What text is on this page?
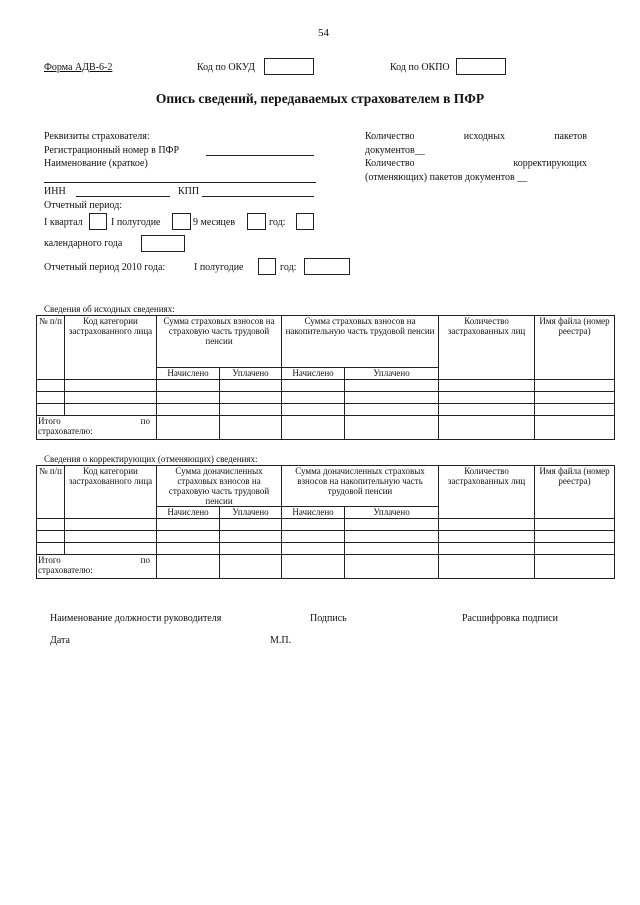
54
Форма АДВ-6-2	Код по ОКУД	Код по ОКПО
Опись сведений, передаваемых страхователем в ПФР
Реквизиты страхователя:
Регистрационный номер в ПФР
Наименование (краткое)
ИНН	КПП
Отчетный период:
I квартал	I полугодие	9 месяцев	год:
календарного года
Отчетный период 2010 года:	I полугодие	год:
Количество	исходных	пакетов
документов__
Количество	корректирующих
(отменяющих) пакетов документов __
Сведения об исходных сведениях:
№ п/п	Код категории застрахованного лица	Сумма страховых взносов на страховую часть трудовой пенсии		Сумма страховых взносов на накопительную часть трудовой пенсии		Количество застрахованных лиц	Имя файла (номер реестра)
		Начислено	Уплачено	Начислено	Уплачено		

Итого по
страхователю:							

Сведения о корректирующих (отменяющих) сведениях:
№ п/п	Код категории застрахованного лица	Сумма доначисленных страховых взносов на страховую часть трудовой пенсии		Сумма доначисленных страховых взносов на накопительную часть трудовой пенсии		Количество застрахованных лиц	Имя файла (номер реестра)
		Начислено	Уплачено	Начислено	Уплачено		

Итого по
страхователю:							

Наименование должности руководителя	Подпись	Расшифровка подписи
Дата	М.П.
